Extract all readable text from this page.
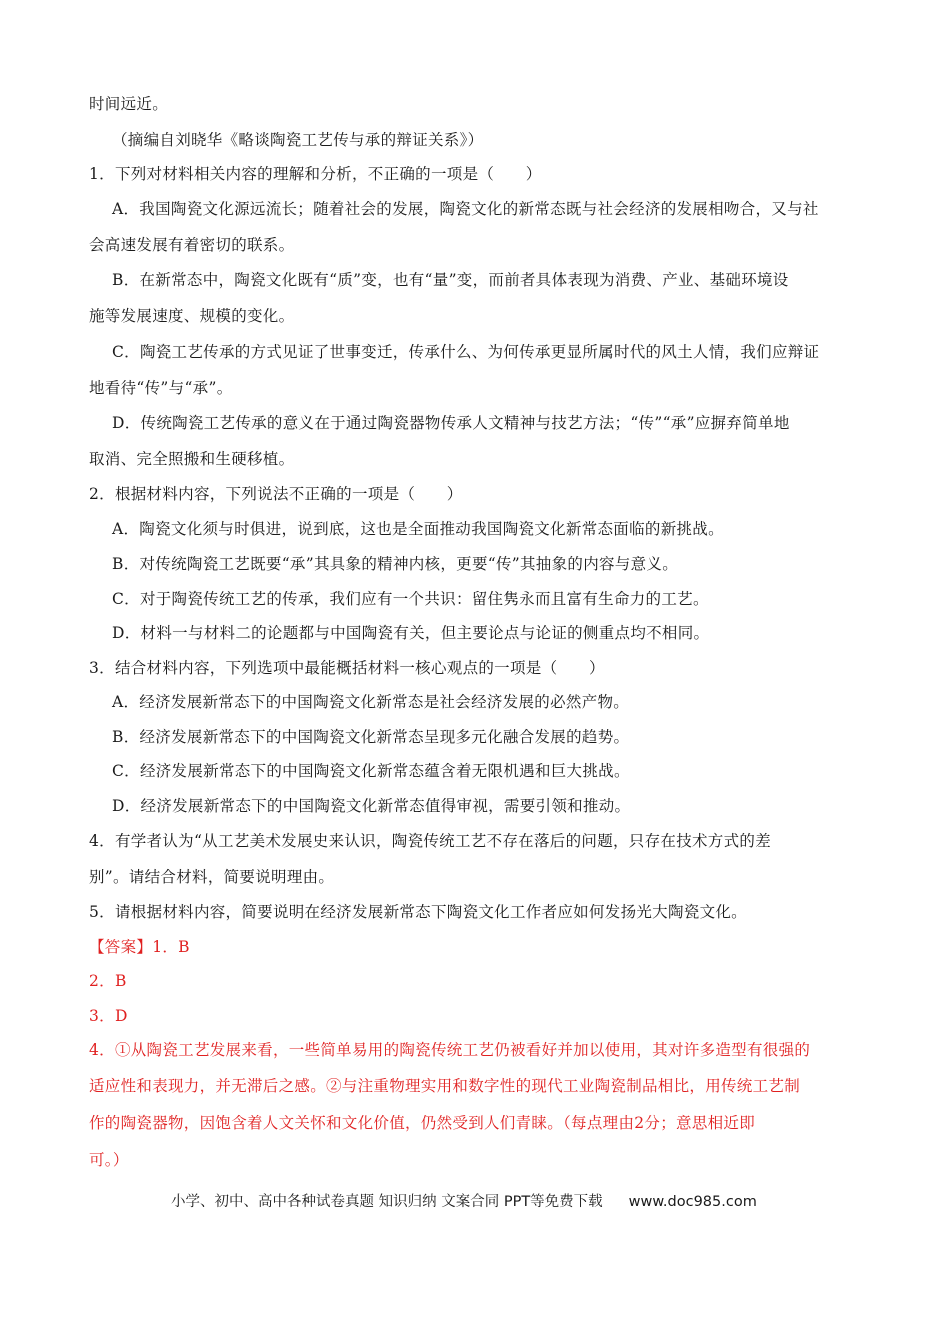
时间远近。
（摘编自刘晓华《略谈陶瓷工艺传与承的辩证关系》）
1．下列对材料相关内容的理解和分析，不正确的一项是（　　）
A．我国陶瓷文化源远流长；随着社会的发展，陶瓷文化的新常态既与社会经济的发展相吻合，又与社
会高速发展有着密切的联系。
B．在新常态中，陶瓷文化既有“质”变，也有“量”变，而前者具体表现为消费、产业、基础环境设
施等发展速度、规模的变化。
C．陶瓷工艺传承的方式见证了世事变迁，传承什么、为何传承更显所属时代的风土人情，我们应辩证
地看待“传”与“承”。
D．传统陶瓷工艺传承的意义在于通过陶瓷器物传承人文精神与技艺方法；“传”“承”应摒弃简单地
取消、完全照搬和生硬移植。
2．根据材料内容，下列说法不正确的一项是（　　）
A．陶瓷文化须与时俱进，说到底，这也是全面推动我国陶瓷文化新常态面临的新挑战。
B．对传统陶瓷工艺既要“承”其具象的精神内核，更要“传”其抽象的内容与意义。
C．对于陶瓷传统工艺的传承，我们应有一个共识：留住隽永而且富有生命力的工艺。
D．材料一与材料二的论题都与中国陶瓷有关，但主要论点与论证的侧重点均不相同。
3．结合材料内容，下列选项中最能概括材料一核心观点的一项是（　　）
A．经济发展新常态下的中国陶瓷文化新常态是社会经济发展的必然产物。
B．经济发展新常态下的中国陶瓷文化新常态呈现多元化融合发展的趋势。
C．经济发展新常态下的中国陶瓷文化新常态蕴含着无限机遇和巨大挑战。
D．经济发展新常态下的中国陶瓷文化新常态值得审视，需要引领和推动。
4．有学者认为“从工艺美术发展史来认识，陶瓷传统工艺不存在落后的问题，只存在技术方式的差
别”。请结合材料，简要说明理由。
5．请根据材料内容，简要说明在经济发展新常态下陶瓷文化工作者应如何发扬光大陶瓷文化。
【答案】1．B
2．B
3．D
4．①从陶瓷工艺发展来看，一些简单易用的陶瓷传统工艺仍被看好并加以使用，其对许多造型有很强的
适应性和表现力，并无滞后之感。②与注重物理实用和数字性的现代工业陶瓷制品相比，用传统工艺制
作的陶瓷器物，因饱含着人文关怀和文化价值，仍然受到人们青睐。（每点理由2分；意思相近即
可。）
小学、初中、高中各种试卷真题 知识归纳 文案合同 PPT等免费下载 www.doc985.com
